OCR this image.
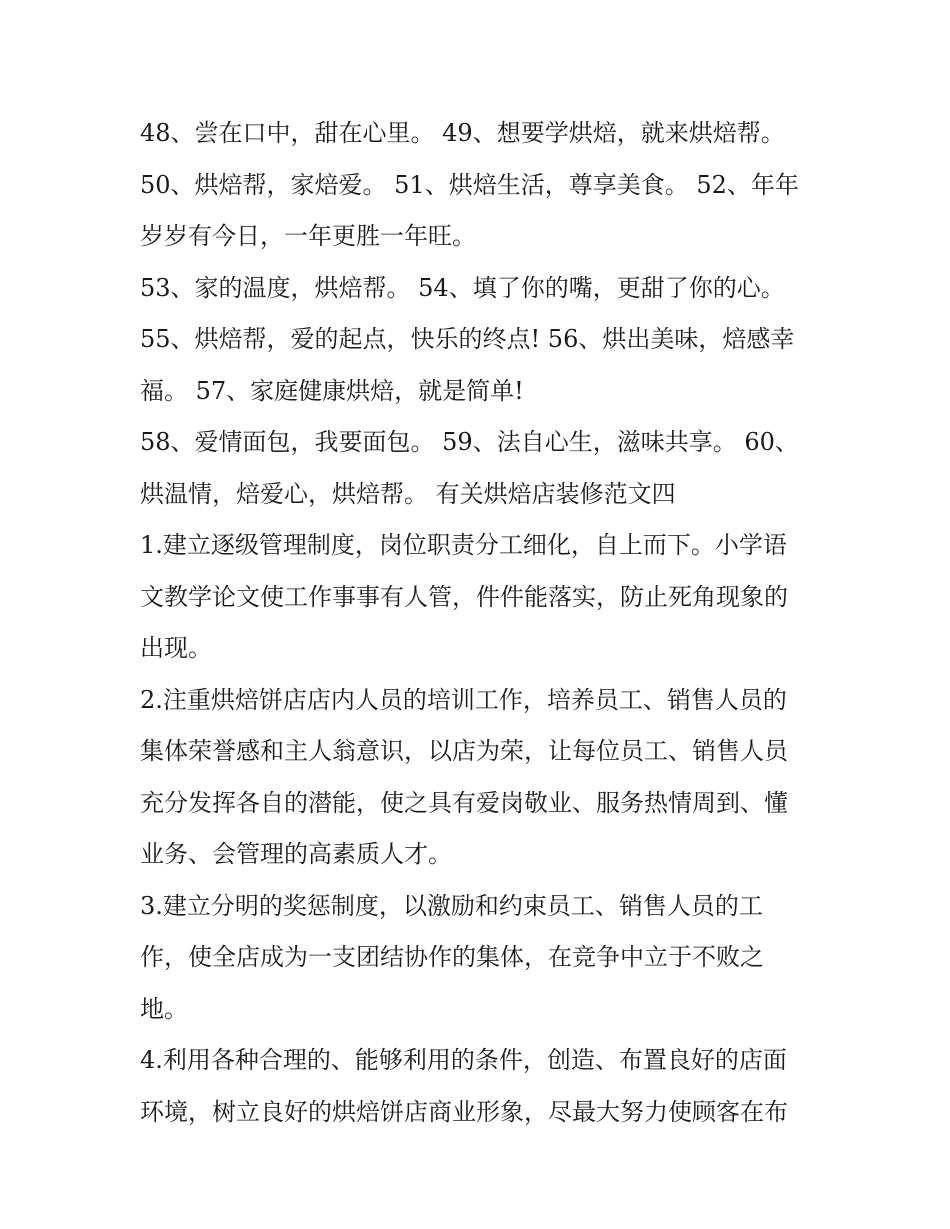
48、尝在口中，甜在心里。 49、想要学烘焙，就来烘焙帮。
50、烘焙帮，家焙爱。 51、烘焙生活，尊享美食。 52、年年
岁岁有今日，一年更胜一年旺。
53、家的温度，烘焙帮。 54、填了你的嘴，更甜了你的心。
55、烘焙帮，爱的起点，快乐的终点! 56、烘出美味，焙感幸
福。 57、家庭健康烘焙，就是简单!
58、爱情面包，我要面包。 59、法自心生，滋味共享。 60、
烘温情，焙爱心，烘焙帮。 有关烘焙店装修范文四
1.建立逐级管理制度，岗位职责分工细化，自上而下。小学语
文教学论文使工作事事有人管，件件能落实，防止死角现象的
出现。
2.注重烘焙饼店店内人员的培训工作，培养员工、销售人员的
集体荣誉感和主人翁意识，以店为荣，让每位员工、销售人员
充分发挥各自的潜能，使之具有爱岗敬业、服务热情周到、懂
业务、会管理的高素质人才。
3.建立分明的奖惩制度，以激励和约束员工、销售人员的工
作，使全店成为一支团结协作的集体，在竞争中立于不败之
地。
4.利用各种合理的、能够利用的条件，创造、布置良好的店面
环境，树立良好的烘焙饼店商业形象，尽最大努力使顾客在布
